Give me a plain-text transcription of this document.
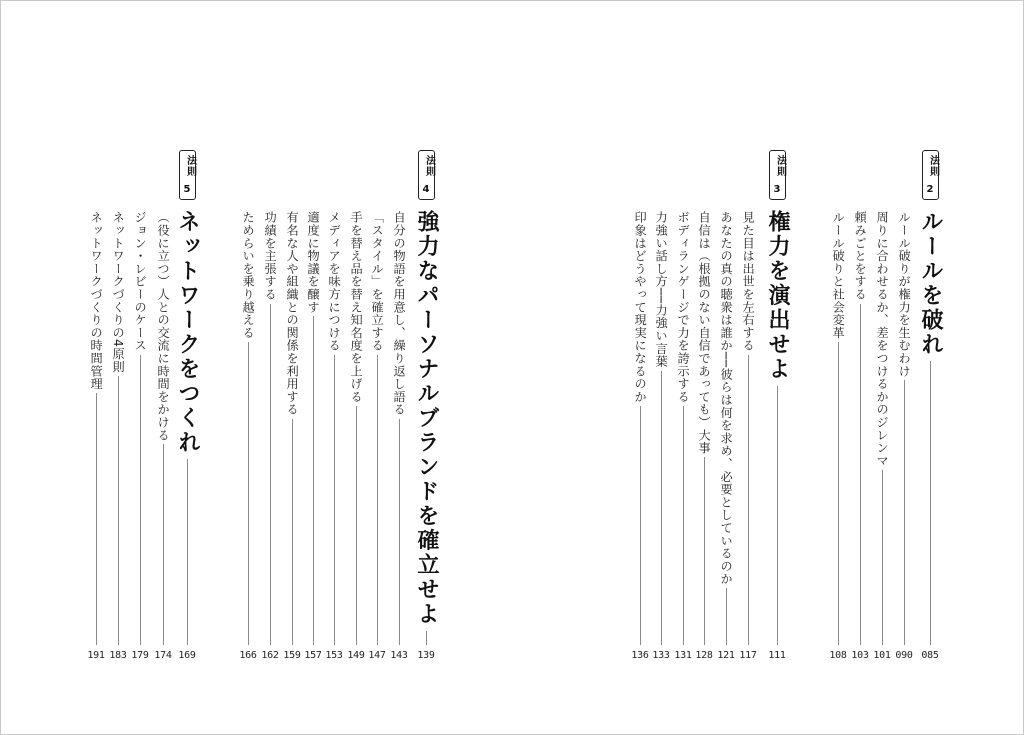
法則
2
ルールを破れ
085
ルール破りが権力を生むわけ
090
周りに合わせるか、差をつけるかのジレンマ
101
頼みごとをする
103
ルール破りと社会変革
108
法則
3
権力を演出せよ
111
見た目は出世を左右する
117
あなたの真の聴衆は誰か──彼らは何を求め、必要としているのか
121
自信は（根拠のない自信であっても）大事
128
ボディランゲージで力を誇示する
131
力強い話し方──力強い言葉
133
印象はどうやって現実になるのか
136
法則
4
強力なパーソナルブランドを確立せよ
139
自分の物語を用意し、繰り返し語る
143
「スタイル」を確立する
147
手を替え品を替え知名度を上げる
149
メディアを味方につける
153
適度に物議を醸す
157
有名な人や組織との関係を利用する
159
功績を主張する
162
ためらいを乗り越える
166
法則
5
ネットワークをつくれ
169
（役に立つ）人との交流に時間をかける
174
ジョン・レビーのケース
179
ネットワークづくりの4原則
183
ネットワークづくりの時間管理
191
